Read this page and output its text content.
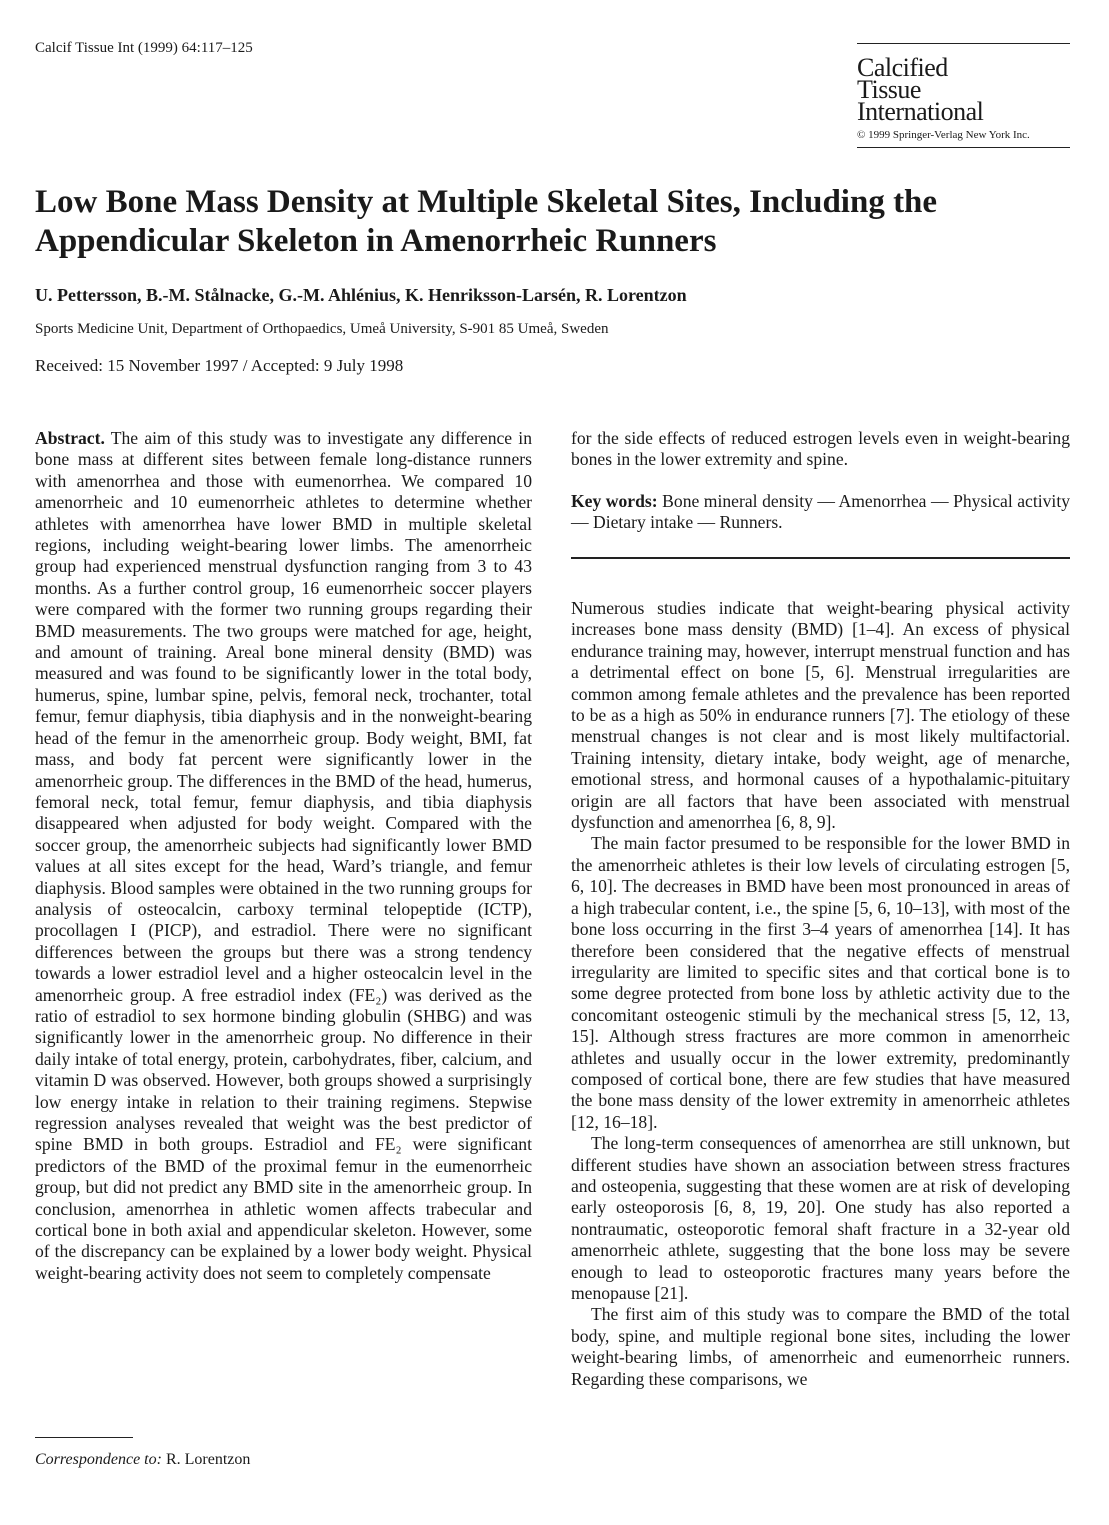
Calcif Tissue Int (1999) 64:117–125
Calcified
Tissue
International
© 1999 Springer-Verlag New York Inc.
Low Bone Mass Density at Multiple Skeletal Sites, Including the Appendicular Skeleton in Amenorrheic Runners
U. Pettersson, B.-M. Stålnacke, G.-M. Ahlénius, K. Henriksson-Larsén, R. Lorentzon
Sports Medicine Unit, Department of Orthopaedics, Umeå University, S-901 85 Umeå, Sweden
Received: 15 November 1997 / Accepted: 9 July 1998

Abstract. The aim of this study was to investigate any difference in bone mass at different sites between female long-distance runners with amenorrhea and those with eumenorrhea. We compared 10 amenorrheic and 10 eumenorrheic athletes to determine whether athletes with amenorrhea have lower BMD in multiple skeletal regions, including weight-bearing lower limbs. The amenorrheic group had experienced menstrual dysfunction ranging from 3 to 43 months. As a further control group, 16 eumenorrheic soccer players were compared with the former two running groups regarding their BMD measurements. The two groups were matched for age, height, and amount of training. Areal bone mineral density (BMD) was measured and was found to be significantly lower in the total body, humerus, spine, lumbar spine, pelvis, femoral neck, trochanter, total femur, femur diaphysis, tibia diaphysis and in the nonweight-bearing head of the femur in the amenorrheic group. Body weight, BMI, fat mass, and body fat percent were significantly lower in the amenorrheic group. The differences in the BMD of the head, humerus, femoral neck, total femur, femur diaphysis, and tibia diaphysis disappeared when adjusted for body weight. Compared with the soccer group, the amenorrheic subjects had significantly lower BMD values at all sites except for the head, Ward’s triangle, and femur diaphysis. Blood samples were obtained in the two running groups for analysis of osteocalcin, carboxy terminal telopeptide (ICTP), procollagen I (PICP), and estradiol. There were no significant differences between the groups but there was a strong tendency towards a lower estradiol level and a higher osteocalcin level in the amenorrheic group. A free estradiol index (FE₂) was derived as the ratio of estradiol to sex hormone binding globulin (SHBG) and was significantly lower in the amenorrheic group. No difference in their daily intake of total energy, protein, carbohydrates, fiber, calcium, and vitamin D was observed. However, both groups showed a surprisingly low energy intake in relation to their training regimens. Stepwise regression analyses revealed that weight was the best predictor of spine BMD in both groups. Estradiol and FE₂ were significant predictors of the BMD of the proximal femur in the eumenorrheic group, but did not predict any BMD site in the amenorrheic group. In conclusion, amenorrhea in athletic women affects trabecular and cortical bone in both axial and appendicular skeleton. However, some of the discrepancy can be explained by a lower body weight. Physical weight-bearing activity does not seem to completely compensate

for the side effects of reduced estrogen levels even in weight-bearing bones in the lower extremity and spine.

Key words: Bone mineral density — Amenorrhea — Physical activity — Dietary intake — Runners.

Numerous studies indicate that weight-bearing physical activity increases bone mass density (BMD) [1–4]. An excess of physical endurance training may, however, interrupt menstrual function and has a detrimental effect on bone [5, 6]. Menstrual irregularities are common among female athletes and the prevalence has been reported to be as a high as 50% in endurance runners [7]. The etiology of these menstrual changes is not clear and is most likely multifactorial. Training intensity, dietary intake, body weight, age of menarche, emotional stress, and hormonal causes of a hypothalamic-pituitary origin are all factors that have been associated with menstrual dysfunction and amenorrhea [6, 8, 9].

The main factor presumed to be responsible for the lower BMD in the amenorrheic athletes is their low levels of circulating estrogen [5, 6, 10]. The decreases in BMD have been most pronounced in areas of a high trabecular content, i.e., the spine [5, 6, 10–13], with most of the bone loss occurring in the first 3–4 years of amenorrhea [14]. It has therefore been considered that the negative effects of menstrual irregularity are limited to specific sites and that cortical bone is to some degree protected from bone loss by athletic activity due to the concomitant osteogenic stimuli by the mechanical stress [5, 12, 13, 15]. Although stress fractures are more common in amenorrheic athletes and usually occur in the lower extremity, predominantly composed of cortical bone, there are few studies that have measured the bone mass density of the lower extremity in amenorrheic athletes [12, 16–18].

The long-term consequences of amenorrhea are still unknown, but different studies have shown an association between stress fractures and osteopenia, suggesting that these women are at risk of developing early osteoporosis [6, 8, 19, 20]. One study has also reported a nontraumatic, osteoporotic femoral shaft fracture in a 32-year old amenorrheic athlete, suggesting that the bone loss may be severe enough to lead to osteoporotic fractures many years before the menopause [21].

The first aim of this study was to compare the BMD of the total body, spine, and multiple regional bone sites, including the lower weight-bearing limbs, of amenorrheic and eumenorrheic runners. Regarding these comparisons, we

Correspondence to: R. Lorentzon
